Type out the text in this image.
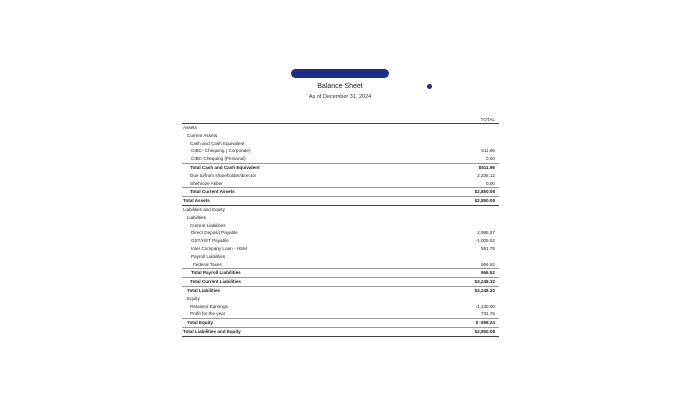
Balance Sheet
As of December 31, 2024
TOTAL
Assets
Current Assets
Cash and Cash Equivalent
CIBC- Chequing ( Corporate)	511.96
CIBC-Chequing (Personal)	0.00
Total Cash and Cash Equivalent	$511.96
Due to/from shareholder/director	2,338.12
Shehroze Akber	0.00
Total Current Assets	$2,850.08
Total Assets	$2,850.08
Liabilities and Equity
Liabilities
Current Liabilities
Direct Deposit Payable	2,995.57
GST/HST Payable	-1,005.52
Inter Company Loan - HSM	591.75
Payroll Liabilities
Federal Taxes	666.52
Total Payroll Liabilities	666.52
Total Current Liabilities	$3,248.32
Total Liabilities	$3,248.32
Equity
Retained Earnings	-1,130.00
Profit for the year	731.76
Total Equity	$ -398.24
Total Liabilities and Equity	$2,850.08
